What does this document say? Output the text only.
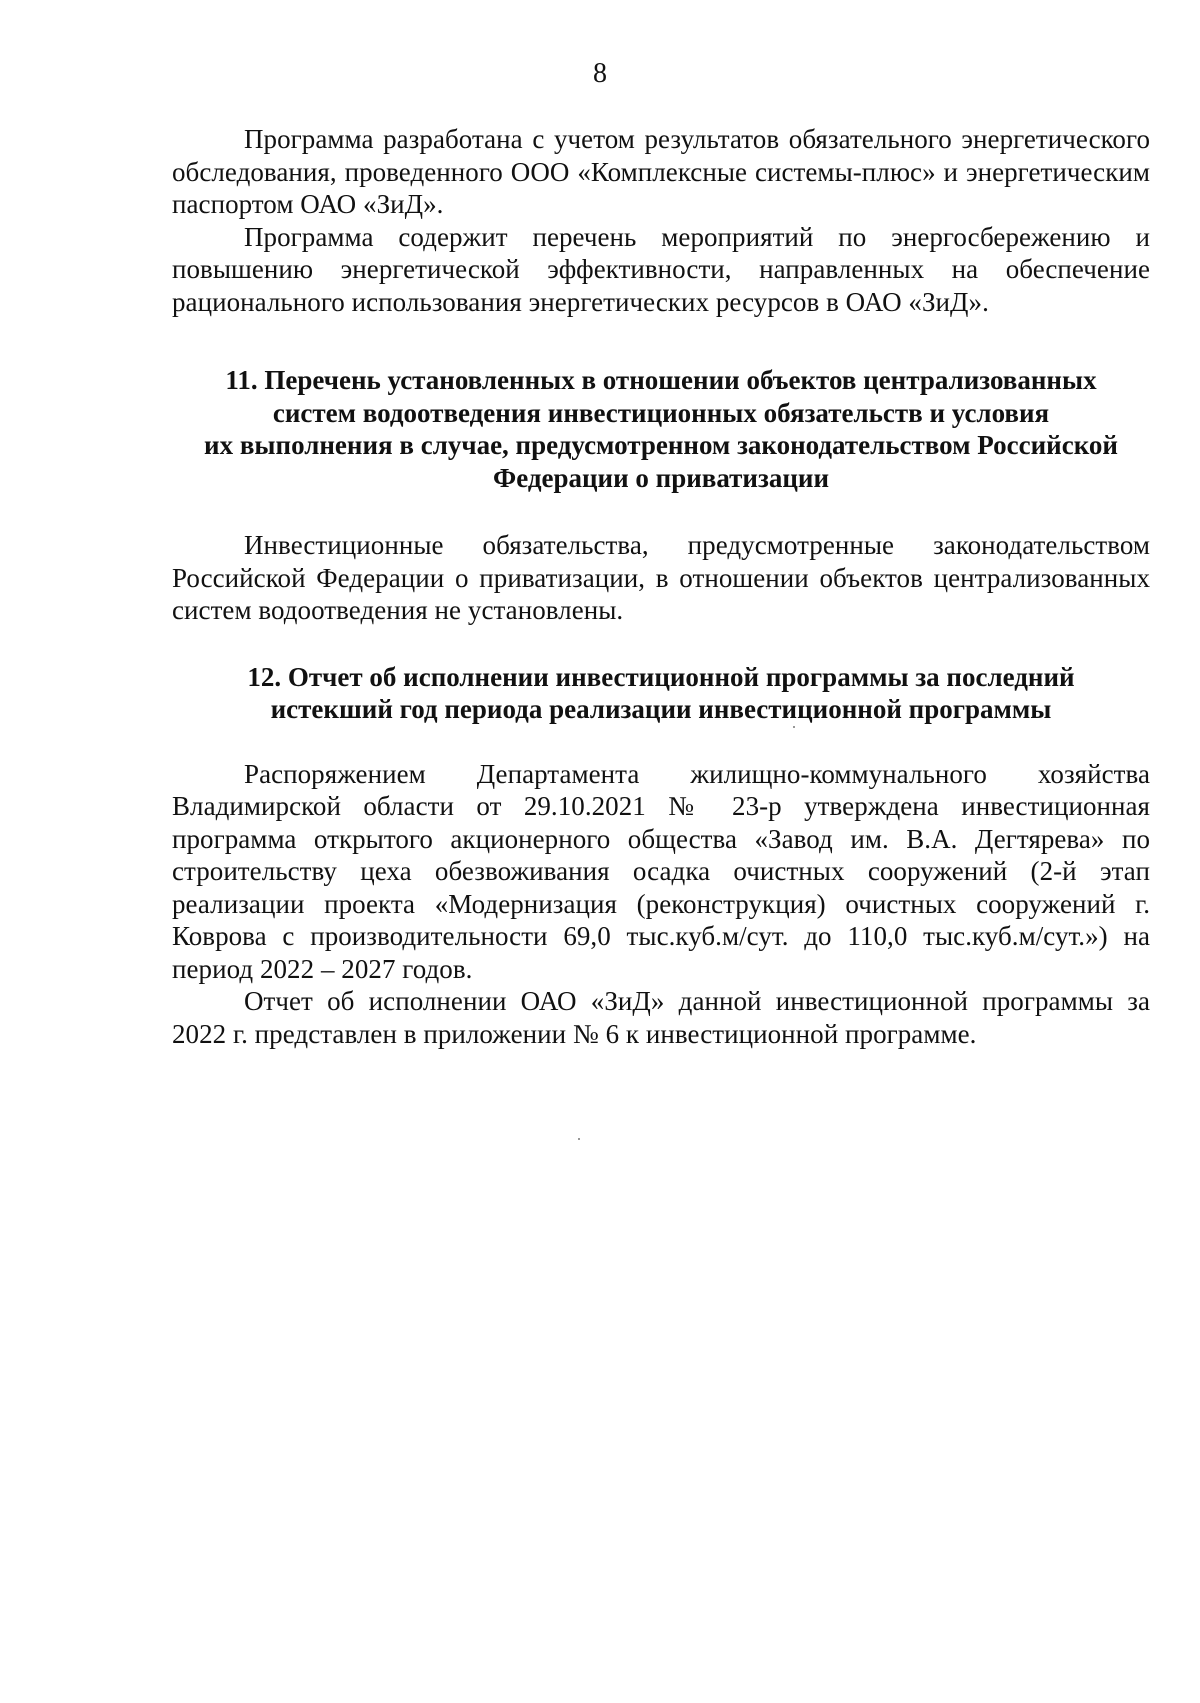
8

Программа разработана с учетом результатов обязательного энергетического обследования, проведенного ООО «Комплексные системы-плюс» и энергетическим паспортом ОАО «ЗиД».

Программа содержит перечень мероприятий по энергосбережению и повышению энергетической эффективности, направленных на обеспечение рационального использования энергетических ресурсов в ОАО «ЗиД».

11. Перечень установленных в отношении объектов централизованных
систем водоотведения инвестиционных обязательств и условия
их выполнения в случае, предусмотренном законодательством Российской
Федерации о приватизации

Инвестиционные обязательства, предусмотренные законодательством Российской Федерации о приватизации, в отношении объектов централизованных систем водоотведения не установлены.

12. Отчет об исполнении инвестиционной программы за последний
истекший год периода реализации инвестиционной программы

Распоряжением Департамента жилищно-коммунального хозяйства Владимирской области от 29.10.2021 № 23-р утверждена инвестиционная программа открытого акционерного общества «Завод им. В.А. Дегтярева» по строительству цеха обезвоживания осадка очистных сооружений (2-й этап реализации проекта «Модернизация (реконструкция) очистных сооружений г. Коврова с производительности 69,0 тыс.куб.м/сут. до 110,0 тыс.куб.м/сут.») на период 2022 – 2027 годов.

Отчет об исполнении ОАО «ЗиД» данной инвестиционной программы за 2022 г. представлен в приложении № 6 к инвестиционной программе.
